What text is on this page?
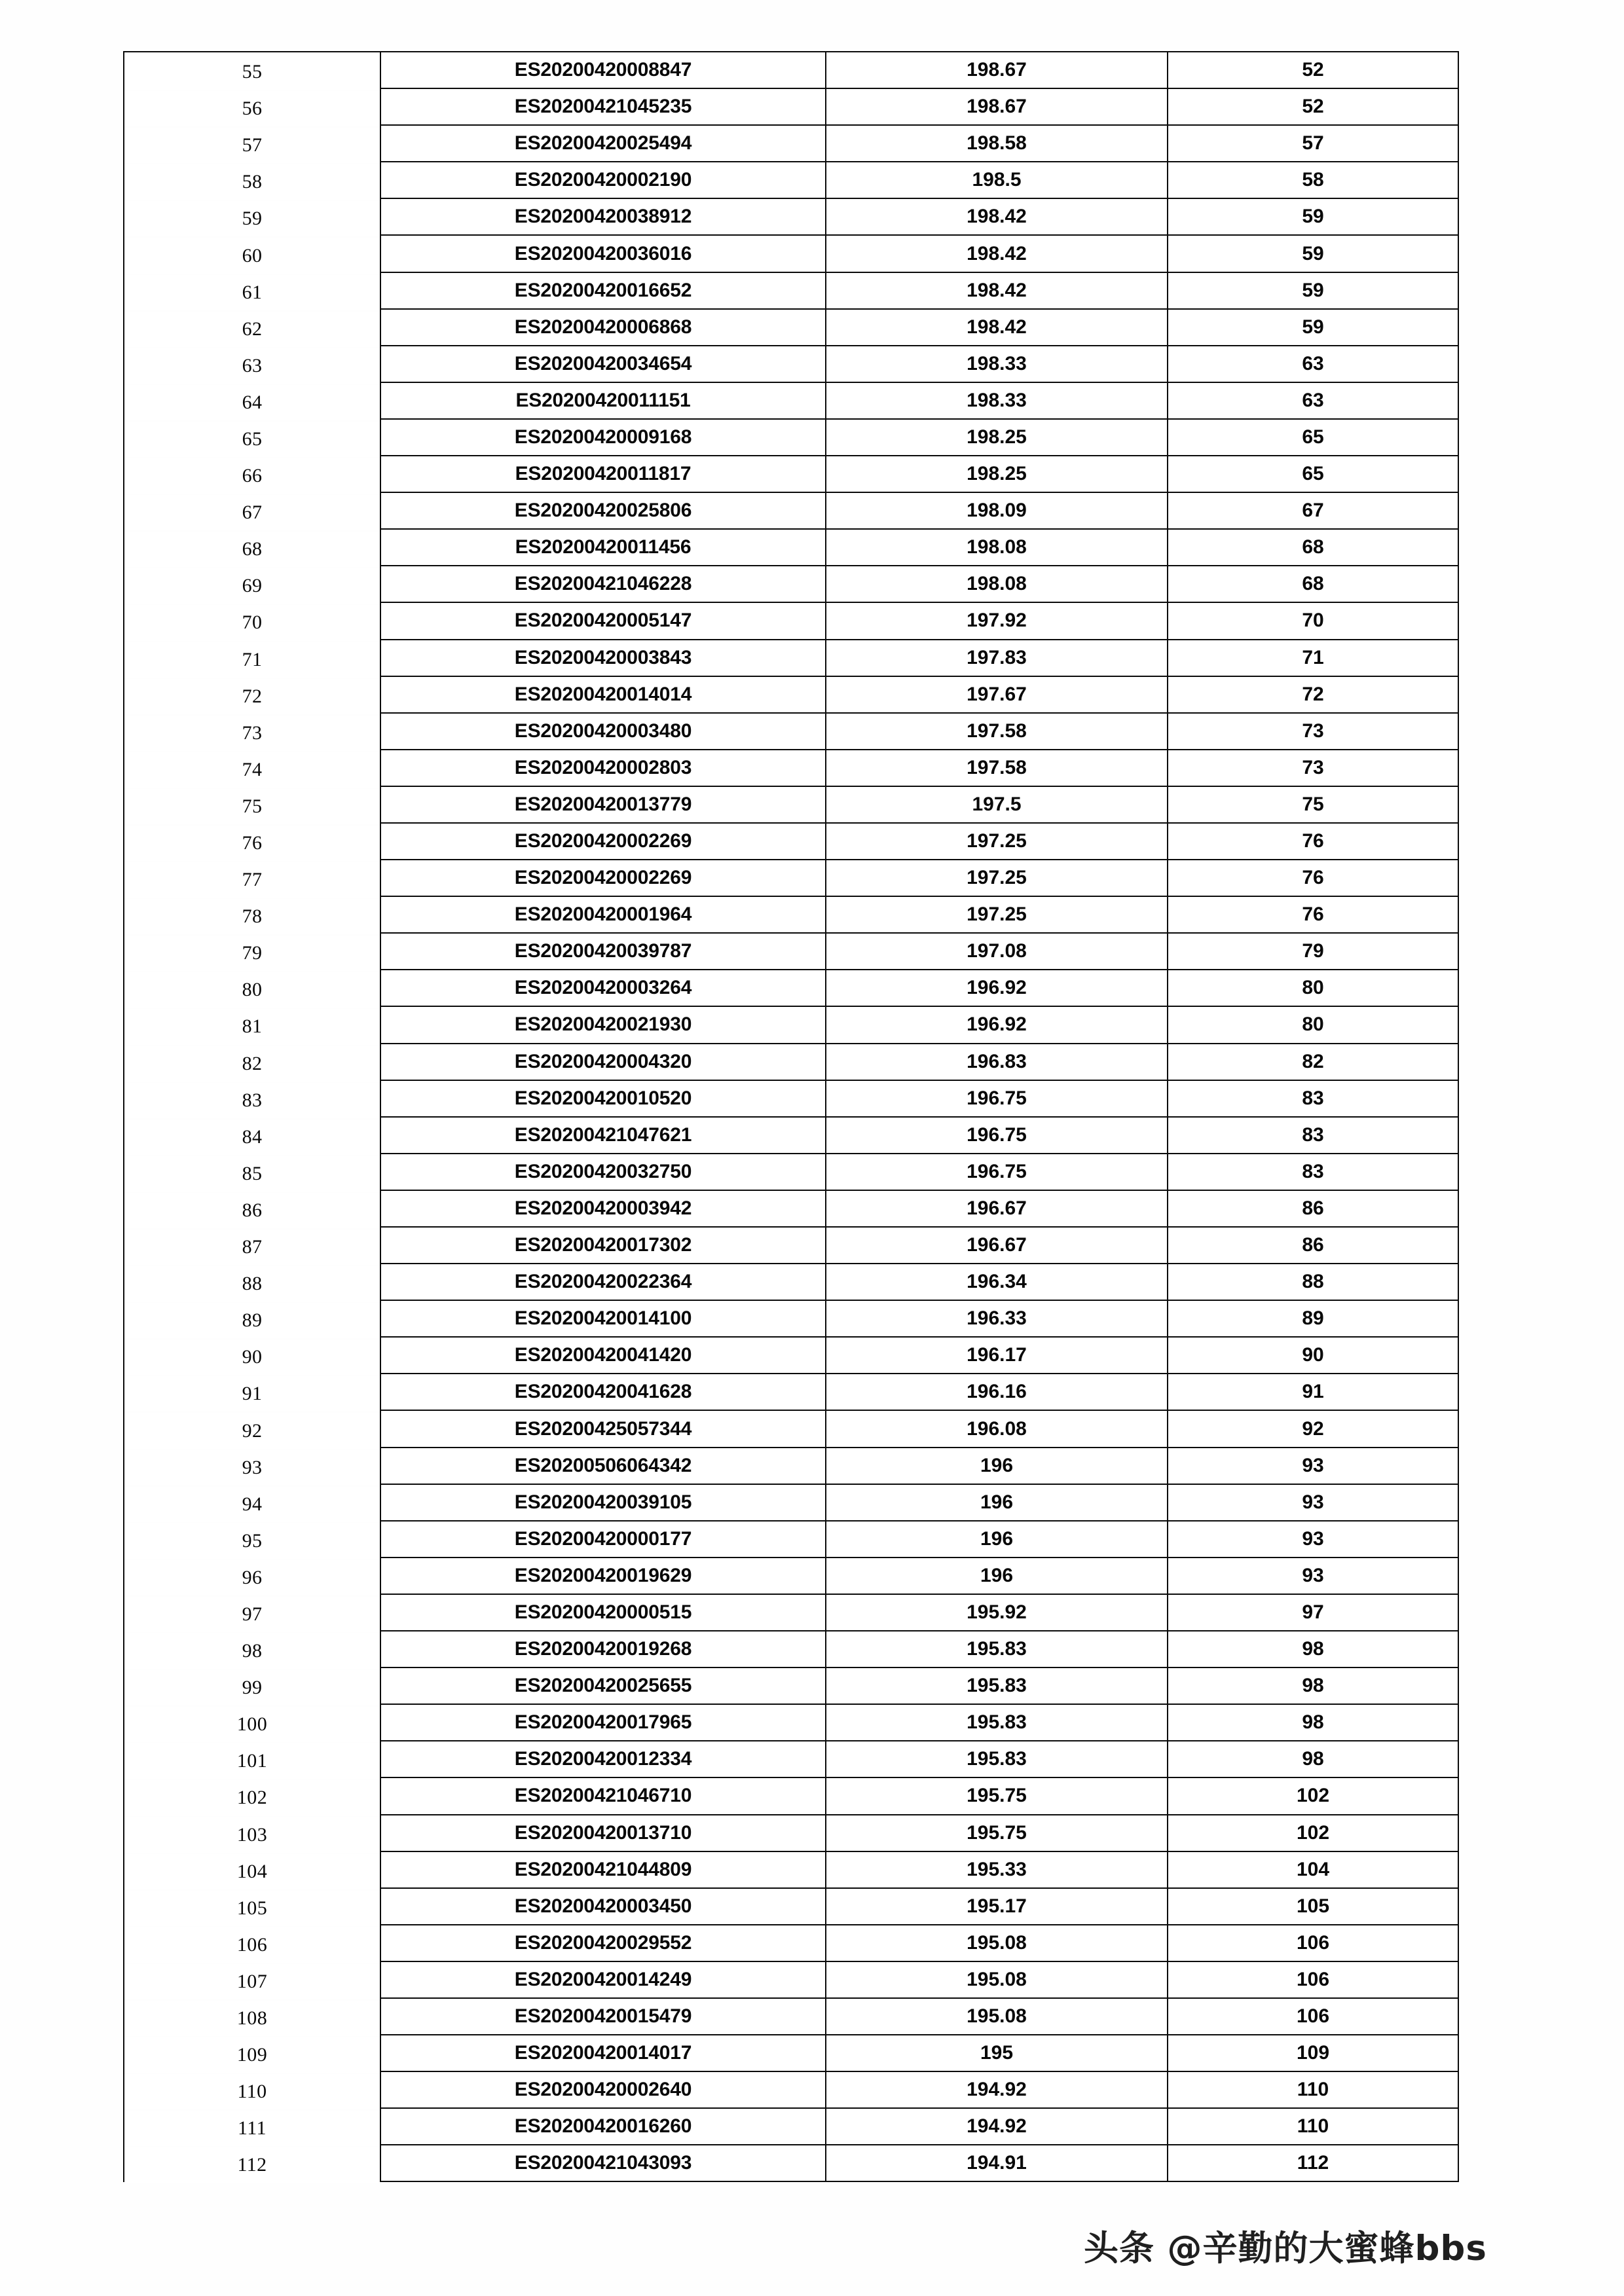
55	ES20200420008847	198.67	52
56	ES20200421045235	198.67	52
57	ES20200420025494	198.58	57
58	ES20200420002190	198.5	58
59	ES20200420038912	198.42	59
60	ES20200420036016	198.42	59
61	ES20200420016652	198.42	59
62	ES20200420006868	198.42	59
63	ES20200420034654	198.33	63
64	ES20200420011151	198.33	63
65	ES20200420009168	198.25	65
66	ES20200420011817	198.25	65
67	ES20200420025806	198.09	67
68	ES20200420011456	198.08	68
69	ES20200421046228	198.08	68
70	ES20200420005147	197.92	70
71	ES20200420003843	197.83	71
72	ES20200420014014	197.67	72
73	ES20200420003480	197.58	73
74	ES20200420002803	197.58	73
75	ES20200420013779	197.5	75
76	ES20200420002269	197.25	76
77	ES20200420002269	197.25	76
78	ES20200420001964	197.25	76
79	ES20200420039787	197.08	79
80	ES20200420003264	196.92	80
81	ES20200420021930	196.92	80
82	ES20200420004320	196.83	82
83	ES20200420010520	196.75	83
84	ES20200421047621	196.75	83
85	ES20200420032750	196.75	83
86	ES20200420003942	196.67	86
87	ES20200420017302	196.67	86
88	ES20200420022364	196.34	88
89	ES20200420014100	196.33	89
90	ES20200420041420	196.17	90
91	ES20200420041628	196.16	91
92	ES20200425057344	196.08	92
93	ES20200506064342	196	93
94	ES20200420039105	196	93
95	ES20200420000177	196	93
96	ES20200420019629	196	93
97	ES20200420000515	195.92	97
98	ES20200420019268	195.83	98
99	ES20200420025655	195.83	98
100	ES20200420017965	195.83	98
101	ES20200420012334	195.83	98
102	ES20200421046710	195.75	102
103	ES20200420013710	195.75	102
104	ES20200421044809	195.33	104
105	ES20200420003450	195.17	105
106	ES20200420029552	195.08	106
107	ES20200420014249	195.08	106
108	ES20200420015479	195.08	106
109	ES20200420014017	195	109
110	ES20200420002640	194.92	110
111	ES20200420016260	194.92	110
112	ES20200421043093	194.91	112
头条 @辛勤的大蜜蜂bbs
